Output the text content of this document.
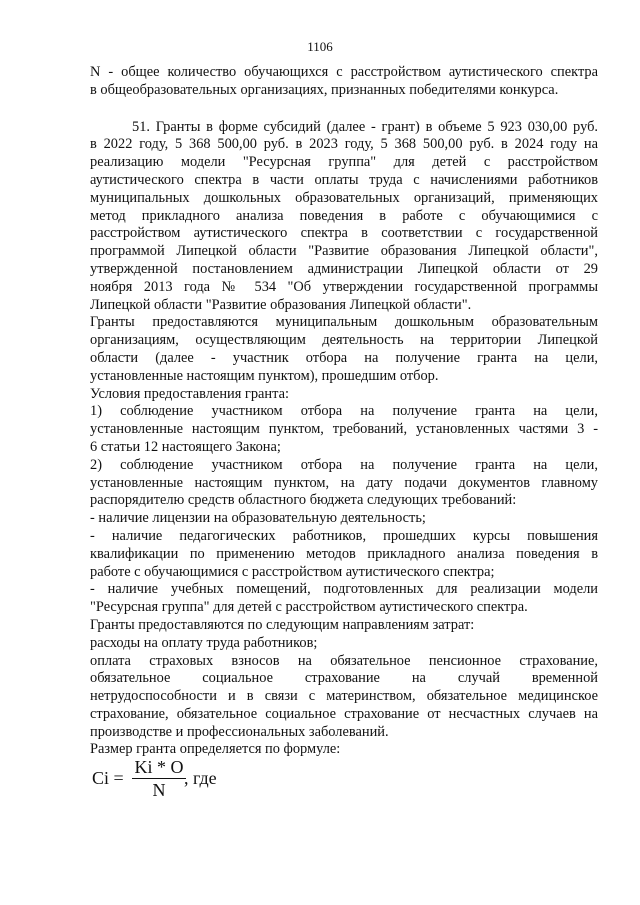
1106
N - общее количество обучающихся с расстройством аутистического спектра
в общеобразовательных организациях, признанных победителями конкурса.
51. Гранты в форме субсидий (далее - грант) в объеме 5 923 030,00 руб.
в 2022 году, 5 368 500,00 руб. в 2023 году, 5 368 500,00 руб. в 2024 году на
реализацию модели "Ресурсная группа" для детей с расстройством
аутистического спектра в части оплаты труда с начислениями работников
муниципальных дошкольных образовательных организаций, применяющих
метод прикладного анализа поведения в работе с обучающимися с
расстройством аутистического спектра в соответствии с государственной
программой Липецкой области "Развитие образования Липецкой области",
утвержденной постановлением администрации Липецкой области от 29
ноября 2013 года № 534 "Об утверждении государственной программы
Липецкой области "Развитие образования Липецкой области".
Гранты предоставляются муниципальным дошкольным образовательным
организациям, осуществляющим деятельность на территории Липецкой
области (далее - участник отбора на получение гранта на цели,
установленные настоящим пунктом), прошедшим отбор.
Условия предоставления гранта:
1) соблюдение участником отбора на получение гранта на цели,
установленные настоящим пунктом, требований, установленных частями 3 -
6 статьи 12 настоящего Закона;
2) соблюдение участником отбора на получение гранта на цели,
установленные настоящим пунктом, на дату подачи документов главному
распорядителю средств областного бюджета следующих требований:
- наличие лицензии на образовательную деятельность;
- наличие педагогических работников, прошедших курсы повышения
квалификации по применению методов прикладного анализа поведения в
работе с обучающимися с расстройством аутистического спектра;
- наличие учебных помещений, подготовленных для реализации модели
"Ресурсная группа" для детей с расстройством аутистического спектра.
Гранты предоставляются по следующим направлениям затрат:
расходы на оплату труда работников;
оплата страховых взносов на обязательное пенсионное страхование,
обязательное социальное страхование на случай временной
нетрудоспособности и в связи с материнством, обязательное медицинское
страхование, обязательное социальное страхование от несчастных случаев на
производстве и профессиональных заболеваний.
Размер гранта определяется по формуле:
Ci =
Ki * O
N
, где
